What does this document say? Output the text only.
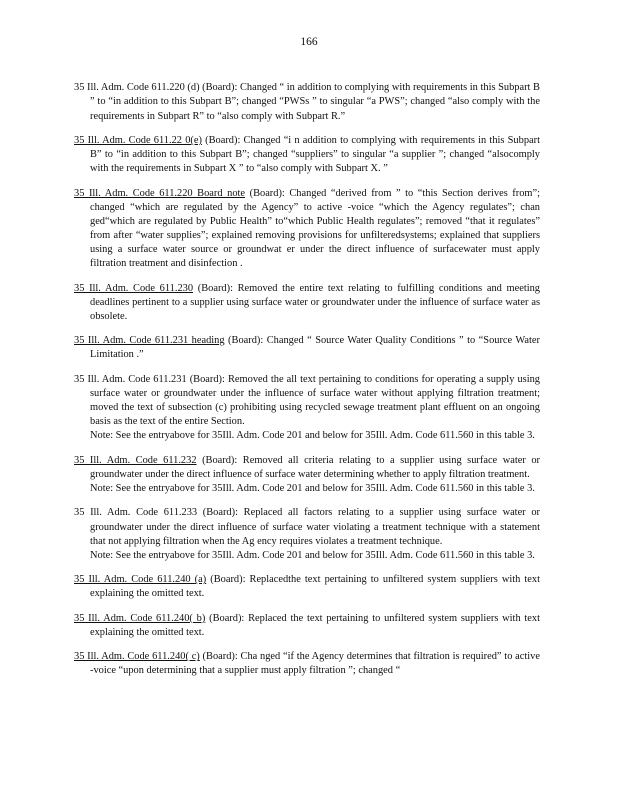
166

35 Ill. Adm. Code 611.220 (d) (Board): Changed “ in addition to complying with requirements in this Subpart B ” to “in addition to this Subpart B”; changed “PWSs ” to singular “a PWS”; changed “also comply with the requirements in Subpart R” to “also comply with Subpart R.”

35 Ill. Adm. Code 611.22 0(e) (Board): Changed “i n addition to complying with requirements in this Subpart B” to “in addition to this Subpart B”; changed “suppliers” to singular “a supplier ”; changed “alsocomply with the requirements in Subpart X ” to “also comply with Subpart X. ”

35 Ill. Adm. Code 611.220 Board note (Board): Changed “derived from ” to “this Section derives from”; changed “which are regulated by the Agency” to active -voice “which the Agency regulates”; chan ged“which are regulated by Public Health” to“which Public Health regulates”; removed “that it regulates” from after “water supplies”; explained removing provisions for unfilteredsystems; explained that suppliers using a surface water source or groundwat er under the direct influence of surfacewater must apply filtration treatment and disinfection .

35 Ill. Adm. Code 611.230 (Board): Removed the entire text relating to fulfilling conditions and meeting deadlines pertinent to a supplier using surface water or groundwater under the influence of surface water as obsolete.

35 Ill. Adm. Code 611.231 heading (Board): Changed “ Source Water Quality Conditions ” to “Source Water Limitation .”

35 Ill. Adm. Code 611.231 (Board): Removed the all text pertaining to conditions for operating a supply using surface water or groundwater under the influence of surface water without applying filtration treatment; moved the text of subsection (c) prohibiting using recycled sewage treatment plant effluent on an ongoing basis as the text of the entire Section.
Note: See the entryabove for 35Ill. Adm. Code 201 and below for 35Ill. Adm. Code 611.560 in this table 3.

35 Ill. Adm. Code 611.232 (Board): Removed all criteria relating to a supplier using surface water or groundwater under the direct influence of surface water determining whether to apply filtration treatment.
Note: See the entryabove for 35Ill. Adm. Code 201 and below for 35Ill. Adm. Code 611.560 in this table 3.

35 Ill. Adm. Code 611.233 (Board): Replaced all factors relating to a supplier using surface water or groundwater under the direct influence of surface water violating a treatment technique with a statement that not applying filtration when the Ag ency requires violates a treatment technique.
Note: See the entryabove for 35Ill. Adm. Code 201 and below for 35Ill. Adm. Code 611.560 in this table 3.

35 Ill. Adm. Code 611.240 (a) (Board): Replacedthe text pertaining to unfiltered system suppliers with text explaining the omitted text.

35 Ill. Adm. Code 611.240( b) (Board): Replaced the text pertaining to unfiltered system suppliers with text explaining the omitted text.

35 Ill. Adm. Code 611.240( c) (Board): Cha nged “if the Agency determines that filtration is required” to active -voice “upon determining that a supplier must apply filtration ”; changed “
